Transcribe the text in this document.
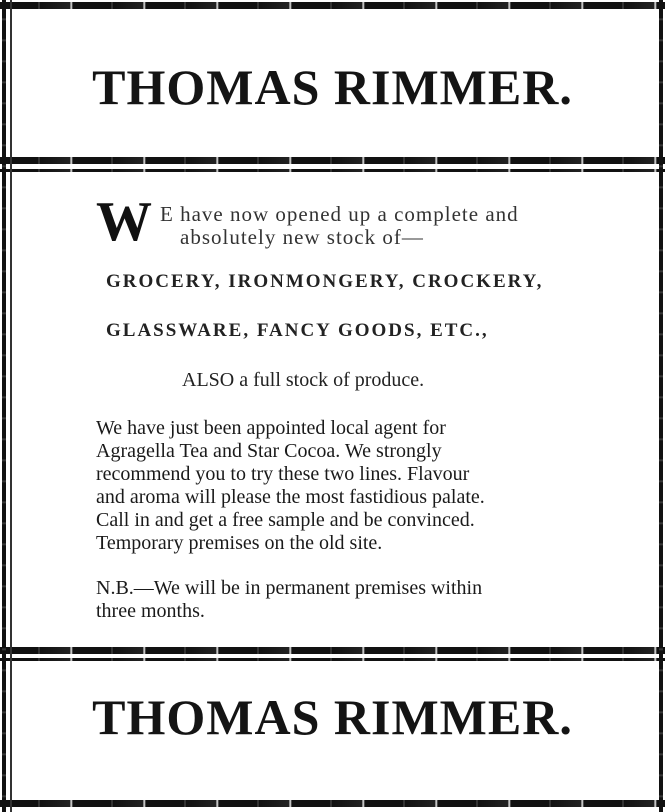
THOMAS RIMMER.
W E have now opened up a complete and
absolutely new stock of—
GROCERY, IRONMONGERY, CROCKERY,
GLASSWARE, FANCY GOODS, ETC.,
ALSO a full stock of produce.
We have just been appointed local agent for
Agragella Tea and Star Cocoa. We strongly
recommend you to try these two lines. Flavour
and aroma will please the most fastidious palate.
Call in and get a free sample and be convinced.
Temporary premises on the old site.
N.B.—We will be in permanent premises within
three months.
THOMAS RIMMER.
